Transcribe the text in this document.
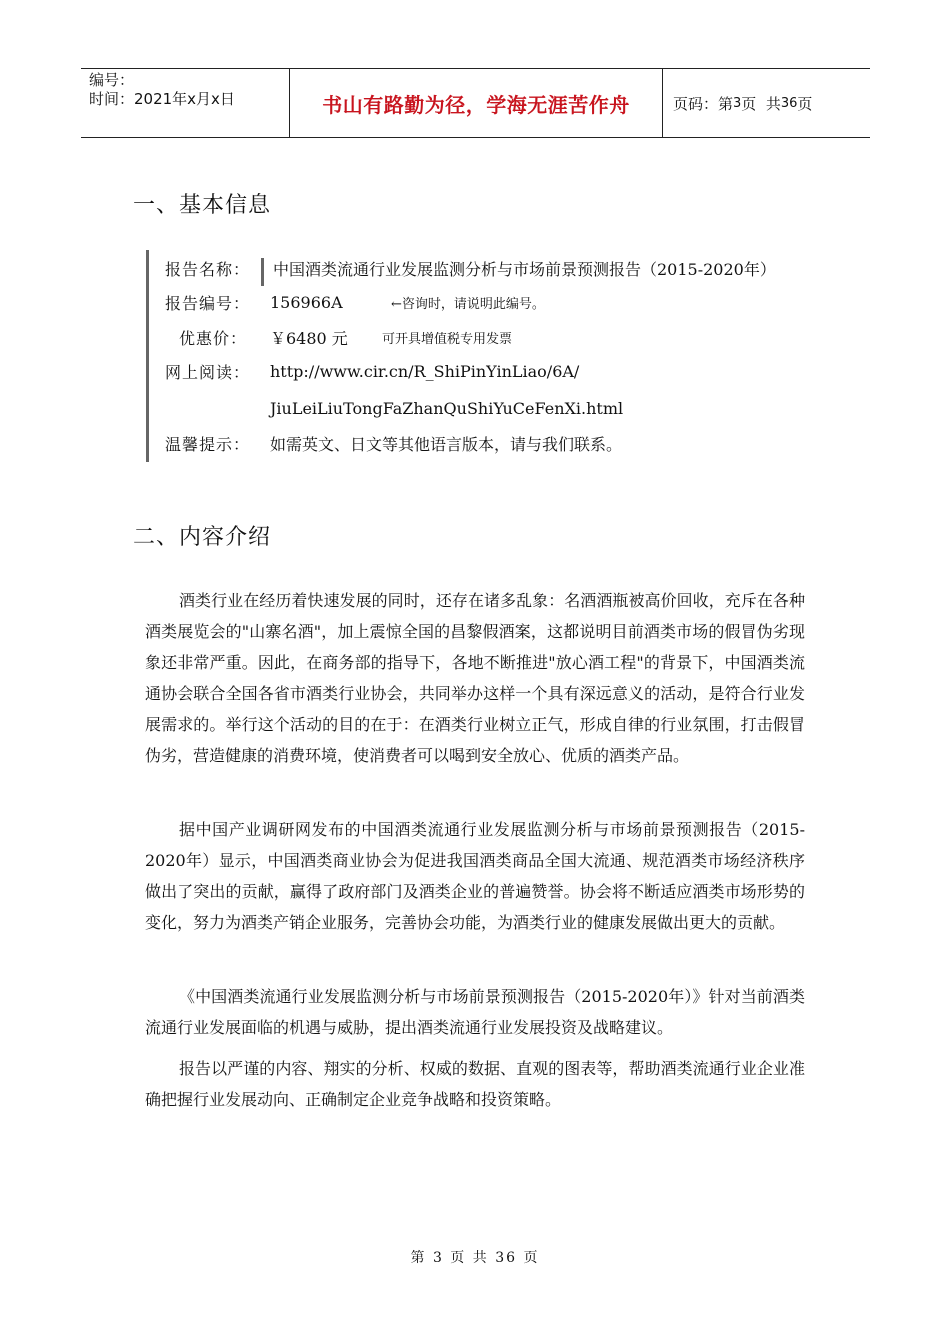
编号：
时间：2021年x月x日	书山有路勤为径，学海无涯苦作舟	页码：第 3 页  共 36 页
一、基本信息
报告名称： 中国酒类流通行业发展监测分析与市场前景预测报告（2015-2020年）
报告编号： 156966A	←咨询时，请说明此编号。
优惠价： ￥6480 元	可开具增值税专用发票
网上阅读： http://www.cir.cn/R_ShiPinYinLiao/6A/
JiuLeiLiuTongFaZhanQuShiYuCeFenXi.html
温馨提示： 如需英文、日文等其他语言版本，请与我们联系。
二、内容介绍

酒类行业在经历着快速发展的同时，还存在诸多乱象：名酒酒瓶被高价回收，充斥在各种酒类展览会的"山寨名酒"，加上震惊全国的昌黎假酒案，这都说明目前酒类市场的假冒伪劣现象还非常严重。因此，在商务部的指导下，各地不断推进"放心酒工程"的背景下，中国酒类流通协会联合全国各省市酒类行业协会，共同举办这样一个具有深远意义的活动，是符合行业发展需求的。举行这个活动的目的在于：在酒类行业树立正气，形成自律的行业氛围，打击假冒伪劣，营造健康的消费环境，使消费者可以喝到安全放心、优质的酒类产品。

据中国产业调研网发布的中国酒类流通行业发展监测分析与市场前景预测报告（2015-2020年）显示，中国酒类商业协会为促进我国酒类商品全国大流通、规范酒类市场经济秩序做出了突出的贡献，赢得了政府部门及酒类企业的普遍赞誉。协会将不断适应酒类市场形势的变化，努力为酒类产销企业服务，完善协会功能，为酒类行业的健康发展做出更大的贡献。

《中国酒类流通行业发展监测分析与市场前景预测报告（2015-2020年）》针对当前酒类流通行业发展面临的机遇与威胁，提出酒类流通行业发展投资及战略建议。

报告以严谨的内容、翔实的分析、权威的数据、直观的图表等，帮助酒类流通行业企业准确把握行业发展动向、正确制定企业竞争战略和投资策略。

第 3 页 共 36 页
